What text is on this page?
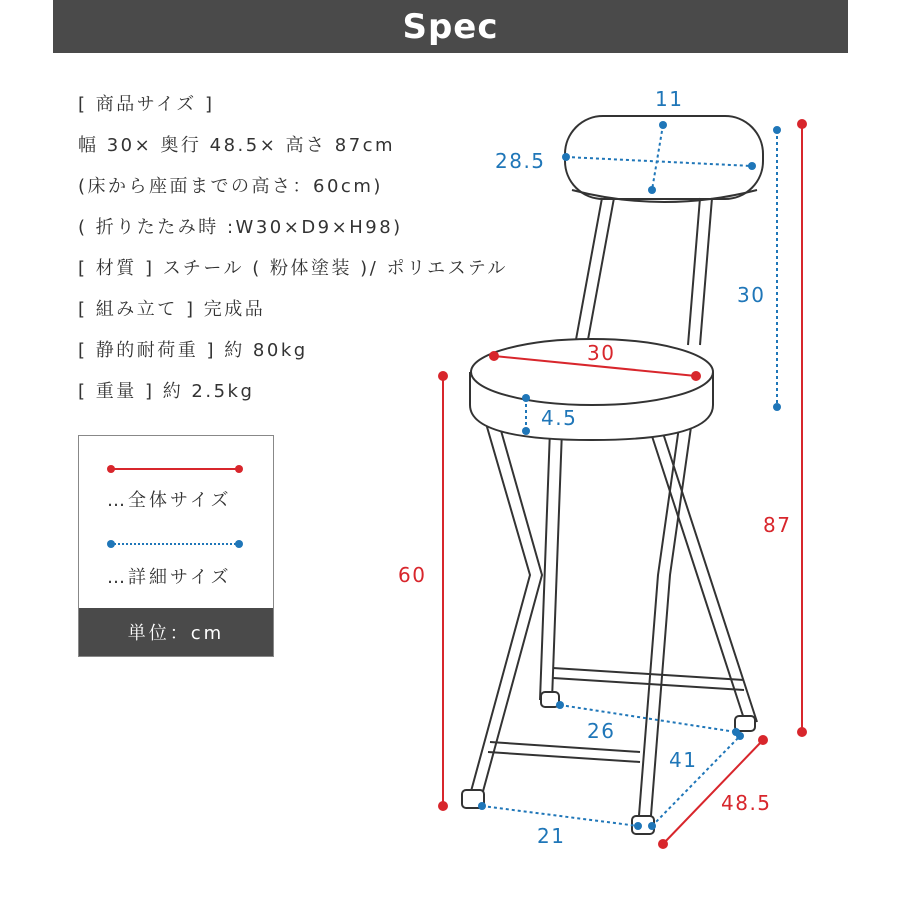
Spec
[ 商品サイズ ]
幅 30× 奥行 48.5× 高さ 87cm
(床から座面までの高さ：60cm)
( 折りたたみ時 :W30×D9×H98)
[ 材質 ] スチール ( 粉体塗装 )/ ポリエステル
[ 組み立て ] 完成品
[ 静的耐荷重 ] 約 80kg
[ 重量 ] 約 2.5kg
…全体サイズ
…詳細サイズ
単位：cm
11
28.5
30
30
4.5
87
60
26
41
48.5
21
